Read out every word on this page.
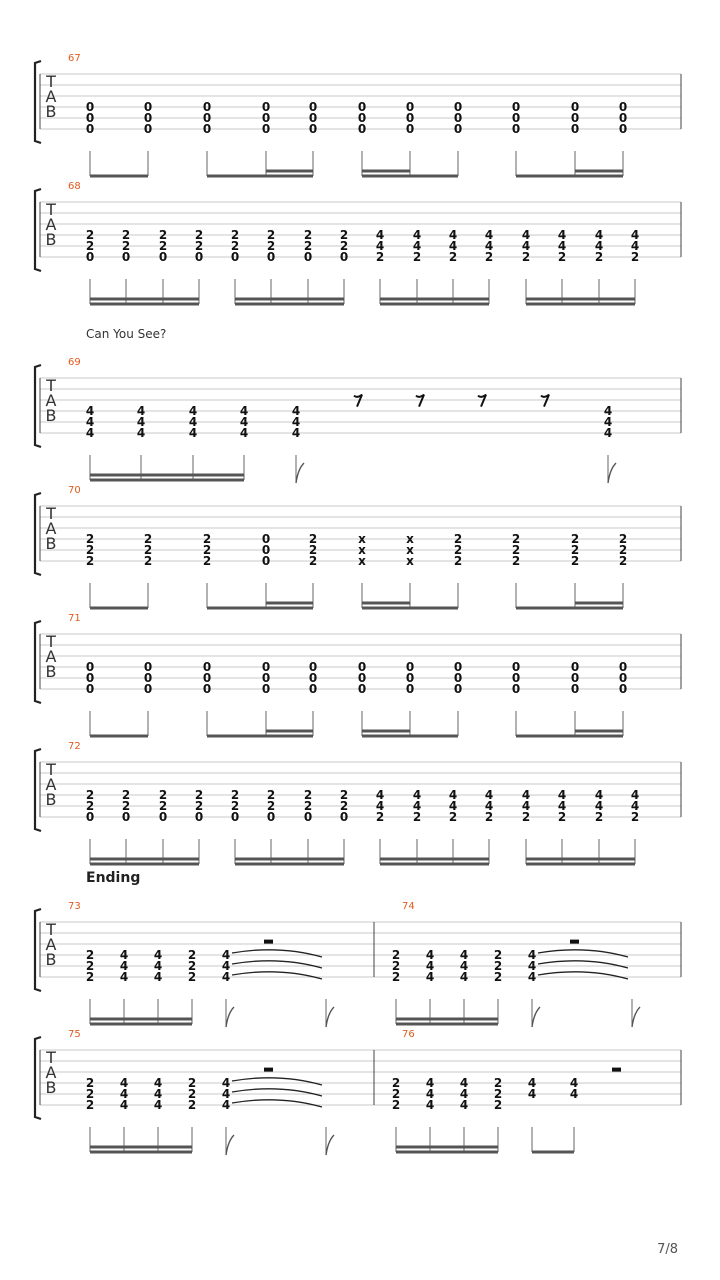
Can You See?
Ending
T
A
B
67
0
0
0
0
0
0
0
0
0
0
0
0
0
0
0
0
0
0
0
0
0
0
0
0
0
0
0
0
0
0
0
0
0
T
A
B
68
2
2
0
2
2
0
2
2
0
2
2
0
2
2
0
2
2
0
2
2
0
2
2
0
4
4
2
4
4
2
4
4
2
4
4
2
4
4
2
4
4
2
4
4
2
4
4
2
T
A
B
69
4
4
4
4
4
4
4
4
4
4
4
4
4
4
4
4
4
4
T
A
B
70
2
2
2
2
2
2
2
2
2
0
0
0
2
2
2
x
x
x
x
x
x
2
2
2
2
2
2
2
2
2
2
2
2
T
A
B
71
0
0
0
0
0
0
0
0
0
0
0
0
0
0
0
0
0
0
0
0
0
0
0
0
0
0
0
0
0
0
0
0
0
T
A
B
72
2
2
0
2
2
0
2
2
0
2
2
0
2
2
0
2
2
0
2
2
0
2
2
0
4
4
2
4
4
2
4
4
2
4
4
2
4
4
2
4
4
2
4
4
2
4
4
2
T
A
B
73
2
2
2
4
4
4
4
4
4
2
2
2
4
4
4
74
2
2
2
4
4
4
4
4
4
2
2
2
4
4
4
T
A
B
75
2
2
2
4
4
4
4
4
4
2
2
2
4
4
4
76
2
2
2
4
4
4
4
4
4
2
2
2
4
4
4
4
7/8
